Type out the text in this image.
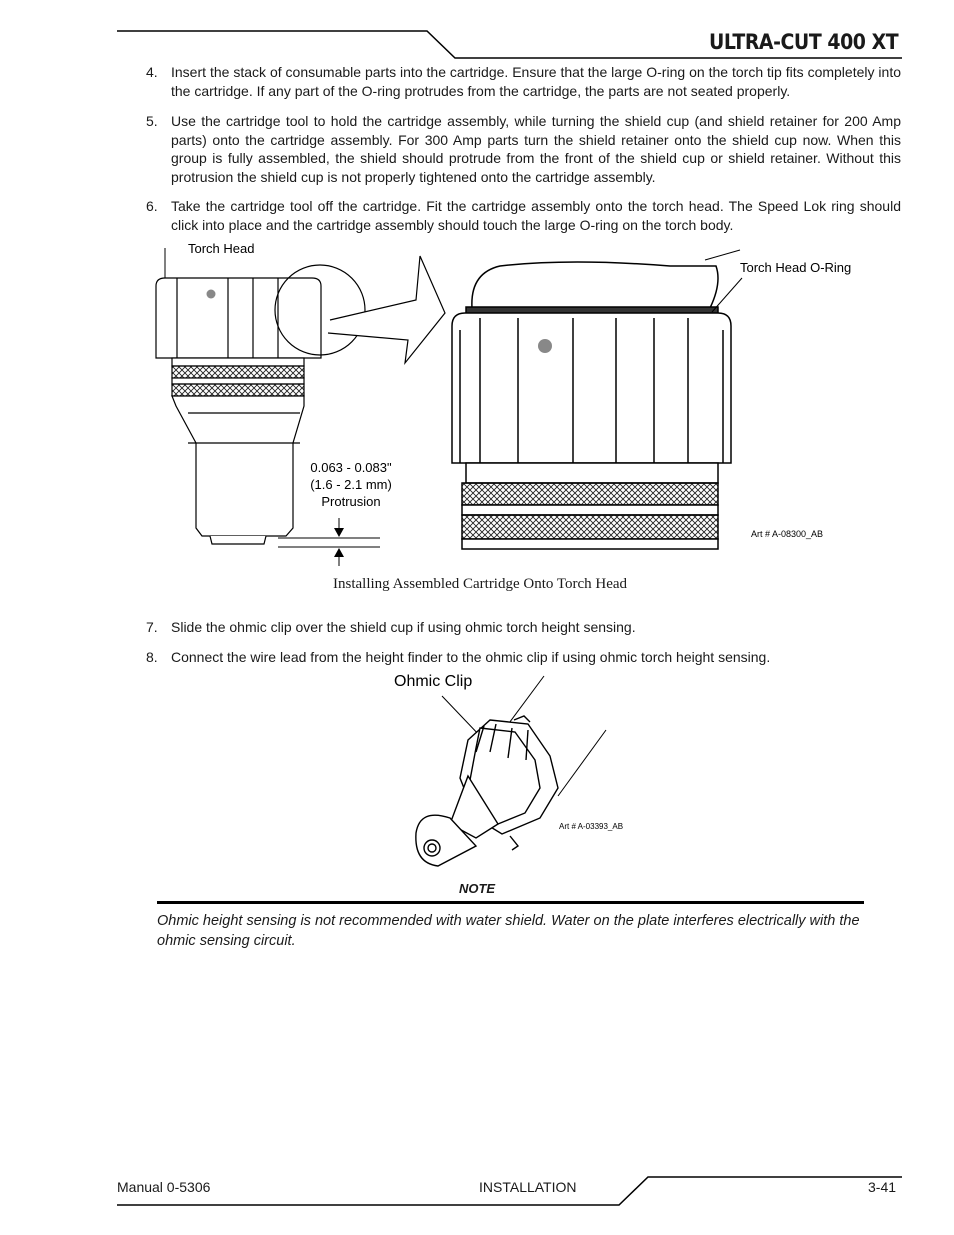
ULTRA-CUT 400 XT
4. Insert the stack of consumable parts into the cartridge. Ensure that the large O-ring on the torch tip fits completely into the cartridge. If any part of the O-ring protrudes from the cartridge, the parts are not seated properly.
5. Use the cartridge tool to hold the cartridge assembly, while turning the shield cup (and shield retainer for 200 Amp parts) onto the cartridge assembly. For 300 Amp parts turn the shield retainer onto the shield cup now. When this group is fully assembled, the shield should protrude from the front of the shield cup or shield retainer. Without this protrusion the shield cup is not properly tightened onto the cartridge assembly.
6. Take the cartridge tool off the cartridge. Fit the cartridge assembly onto the torch head. The Speed Lok ring should click into place and the cartridge assembly should touch the large O-ring on the torch body.
Torch Head
0.063 - 0.083"
(1.6 - 2.1 mm)
Protrusion
Torch Head O-Ring
Art # A-08300_AB
Installing Assembled Cartridge Onto Torch Head
7. Slide the ohmic clip over the shield cup if using ohmic torch height sensing.
8. Connect the wire lead from the height finder to the ohmic clip if using ohmic torch height sensing.
Ohmic Clip
Art # A-03393_AB
NOTE
Ohmic height sensing is not recommended with water shield. Water on the plate interferes electrically with the ohmic sensing circuit.
Manual 0-5306	INSTALLATION	3-41
